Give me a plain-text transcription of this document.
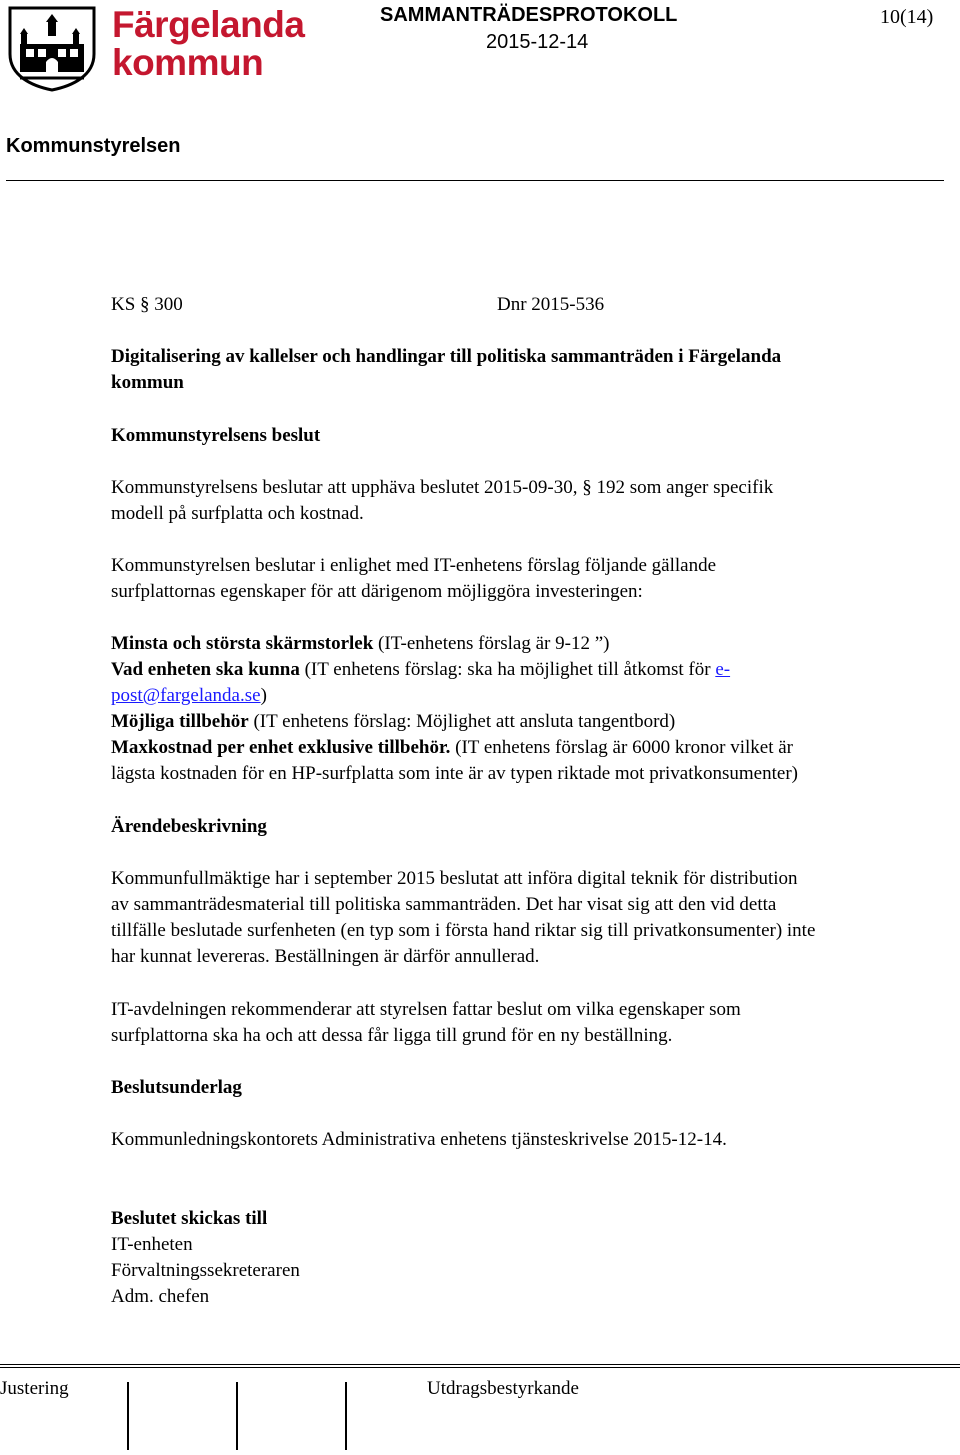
Färgelanda
kommun
SAMMANTRÄDESPROTOKOLL
2015-12-14
10(14)
Kommunstyrelsen
KS § 300	Dnr 2015-536
Digitalisering av kallelser och handlingar till politiska sammanträden i Färgelanda
kommun
Kommunstyrelsens beslut
Kommunstyrelsens beslutar att upphäva beslutet 2015-09-30, § 192 som anger specifik
modell på surfplatta och kostnad.
Kommunstyrelsen beslutar i enlighet med IT-enhetens förslag följande gällande
surfplattornas egenskaper för att därigenom möjliggöra investeringen:
Minsta och största skärmstorlek (IT-enhetens förslag är 9-12 ”)
Vad enheten ska kunna (IT enhetens förslag: ska ha möjlighet till åtkomst för e-
post@fargelanda.se)
Möjliga tillbehör (IT enhetens förslag: Möjlighet att ansluta tangentbord)
Maxkostnad per enhet exklusive tillbehör. (IT enhetens förslag är 6000 kronor vilket är
lägsta kostnaden för en HP-surfplatta som inte är av typen riktade mot privatkonsumenter)
Ärendebeskrivning
Kommunfullmäktige har i september 2015 beslutat att införa digital teknik för distribution
av sammanträdesmaterial till politiska sammanträden. Det har visat sig att den vid detta
tillfälle beslutade surfenheten (en typ som i första hand riktar sig till privatkonsumenter) inte
har kunnat levereras. Beställningen är därför annullerad.
IT-avdelningen rekommenderar att styrelsen fattar beslut om vilka egenskaper som
surfplattorna ska ha och att dessa får ligga till grund för en ny beställning.
Beslutsunderlag
Kommunledningskontorets Administrativa enhetens tjänsteskrivelse 2015-12-14.
Beslutet skickas till
IT-enheten
Förvaltningssekreteraren
Adm. chefen
Justering	Utdragsbestyrkande
